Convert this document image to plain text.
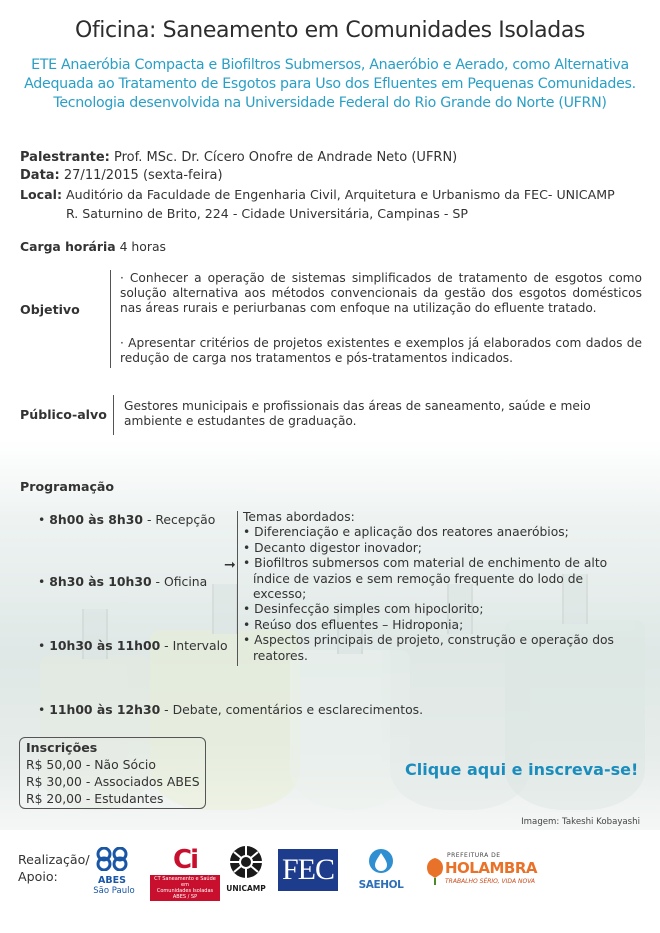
Oficina: Saneamento em Comunidades Isoladas
ETE Anaeróbia Compacta e Biofiltros Submersos, Anaeróbio e Aerado, como Alternativa
Adequada ao Tratamento de Esgotos para Uso dos Efluentes em Pequenas Comunidades.
Tecnologia desenvolvida na Universidade Federal do Rio Grande do Norte (UFRN)
Palestrante: Prof. MSc. Dr. Cícero Onofre de Andrade Neto (UFRN)
Data: 27/11/2015 (sexta-feira)
Local: Auditório da Faculdade de Engenharia Civil, Arquitetura e Urbanismo da FEC- UNICAMP
R. Saturnino de Brito, 224 - Cidade Universitária, Campinas - SP
Carga horária 4 horas
Objetivo
· Conhecer a operação de sistemas simplificados de tratamento de esgotos como solução alternativa aos métodos convencionais da gestão dos esgotos domésticos nas áreas rurais e periurbanas com enfoque na utilização do efluente tratado.
· Apresentar critérios de projetos existentes e exemplos já elaborados com dados de redução de carga nos tratamentos e pós-tratamentos indicados.
Público-alvo
Gestores municipais e profissionais das áreas de saneamento, saúde e meio ambiente e estudantes de graduação.
Programação
• 8h00 às 8h30 - Recepção
• 8h30 às 10h30 - Oficina
• 10h30 às 11h00 - Intervalo
• 11h00 às 12h30 - Debate, comentários e esclarecimentos.
➞
Temas abordados:
• Diferenciação e aplicação dos reatores anaeróbios;
• Decanto digestor inovador;
• Biofiltros submersos com material de enchimento de alto índice de vazios e sem remoção frequente do lodo de excesso;
• Desinfecção simples com hipoclorito;
• Reúso dos efluentes – Hidroponia;
• Aspectos principais de projeto, construção e operação dos reatores.
Inscrições
R$ 50,00 - Não Sócio
R$ 30,00 - Associados ABES
R$ 20,00 - Estudantes
Clique aqui e inscreva-se!
Imagem: Takeshi Kobayashi
Realização/
Apoio:	ABES
São Paulo
Ci
CT Saneamento e Saúde em
Comunidades Isoladas ABES / SP
UNICAMP
FEC	SAEHOL
PREFEITURA DE
HOLAMBRA
TRABALHO SÉRIO, VIDA NOVA
